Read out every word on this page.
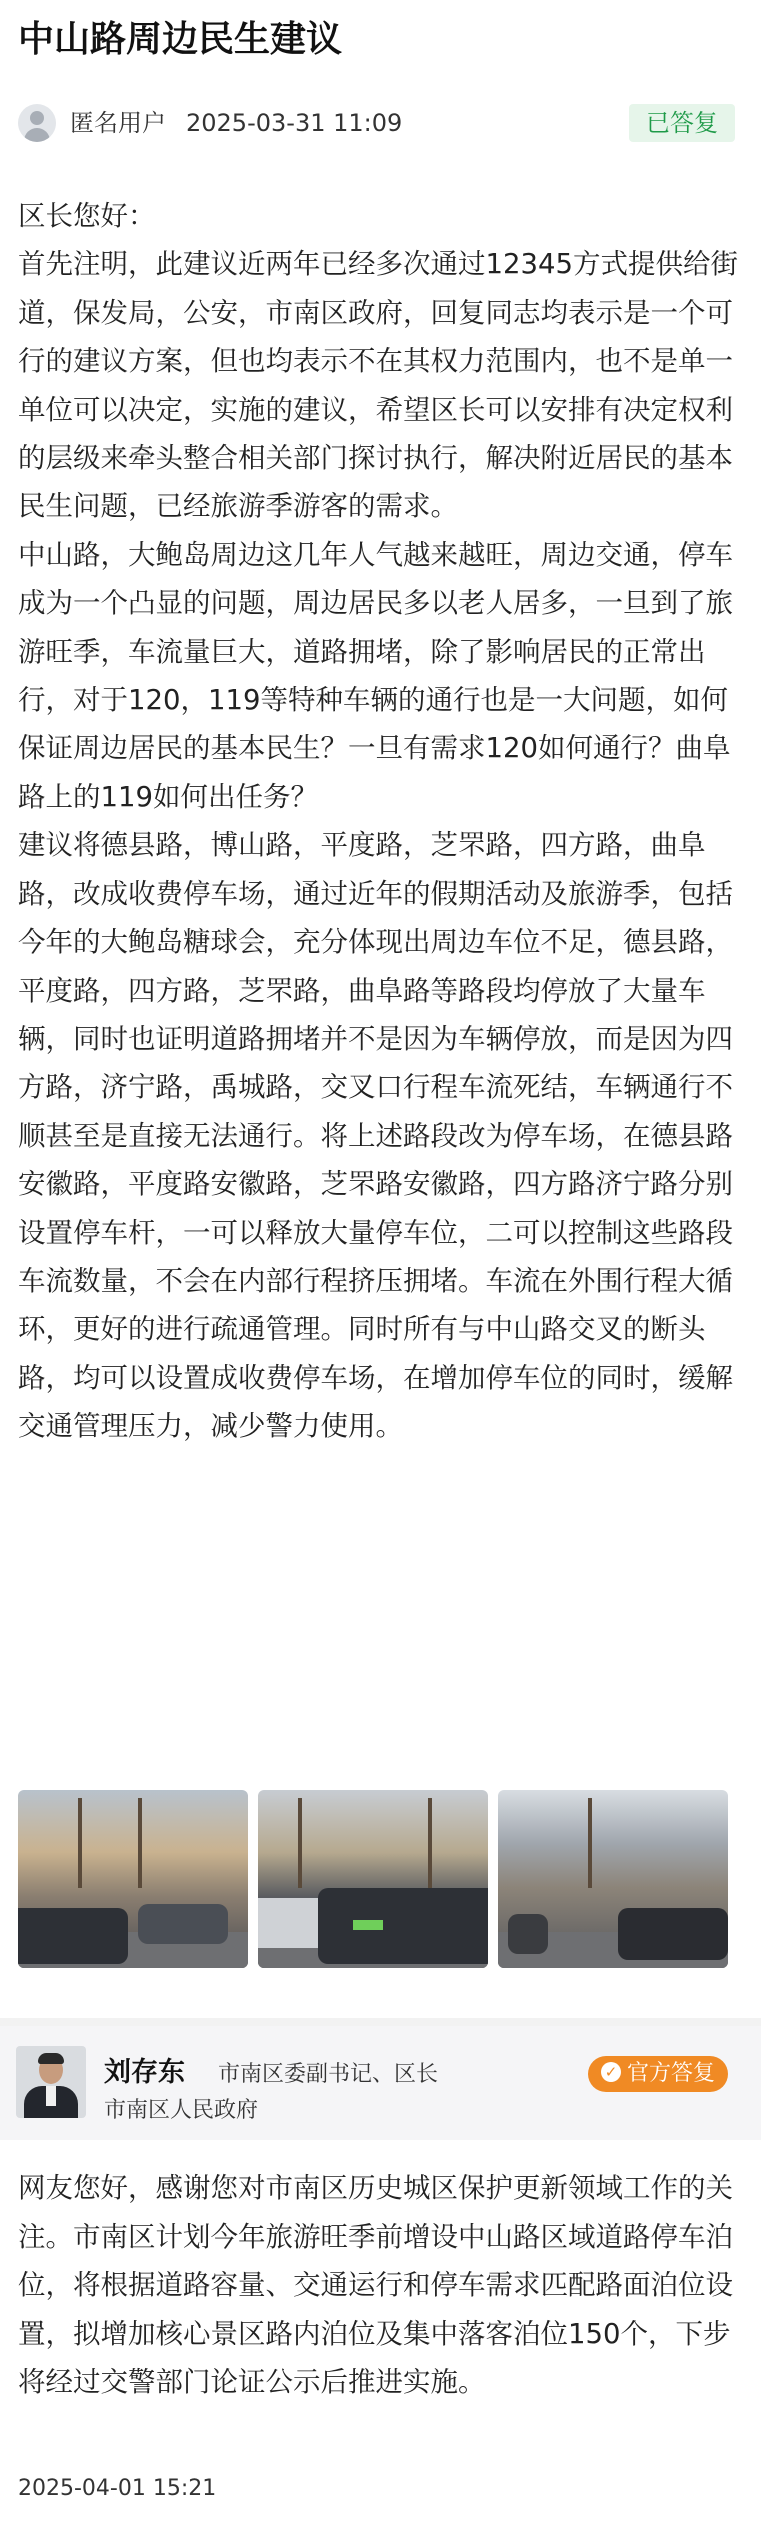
中山路周边民生建议
匿名用户 2025-03-31 11:09	已答复

区长您好：

首先注明，此建议近两年已经多次通过12345方式提供给街道，保发局，公安，市南区政府，回复同志均表示是一个可行的建议方案，但也均表示不在其权力范围内，也不是单一单位可以决定，实施的建议，希望区长可以安排有决定权利的层级来牵头整合相关部门探讨执行，解决附近居民的基本民生问题，已经旅游季游客的需求。

中山路，大鲍岛周边这几年人气越来越旺，周边交通，停车成为一个凸显的问题，周边居民多以老人居多，一旦到了旅游旺季，车流量巨大，道路拥堵，除了影响居民的正常出行，对于120，119等特种车辆的通行也是一大问题，如何保证周边居民的基本民生？一旦有需求120如何通行？曲阜路上的119如何出任务？

建议将德县路，博山路，平度路，芝罘路，四方路，曲阜路，改成收费停车场，通过近年的假期活动及旅游季，包括今年的大鲍岛糖球会，充分体现出周边车位不足，德县路，平度路，四方路，芝罘路，曲阜路等路段均停放了大量车辆，同时也证明道路拥堵并不是因为车辆停放，而是因为四方路，济宁路，禹城路，交叉口行程车流死结，车辆通行不顺甚至是直接无法通行。将上述路段改为停车场，在德县路安徽路，平度路安徽路，芝罘路安徽路，四方路济宁路分别设置停车杆，一可以释放大量停车位，二可以控制这些路段车流数量，不会在内部行程挤压拥堵。车流在外围行程大循环，更好的进行疏通管理。同时所有与中山路交叉的断头路，均可以设置成收费停车场，在增加停车位的同时，缓解交通管理压力，减少警力使用。

刘存东 市南区委副书记、区长
市南区人民政府
✓ 官方答复

网友您好，感谢您对市南区历史城区保护更新领域工作的关注。市南区计划今年旅游旺季前增设中山路区域道路停车泊位，将根据道路容量、交通运行和停车需求匹配路面泊位设置，拟增加核心景区路内泊位及集中落客泊位150个，下步将经过交警部门论证公示后推进实施。

2025-04-01 15:21
